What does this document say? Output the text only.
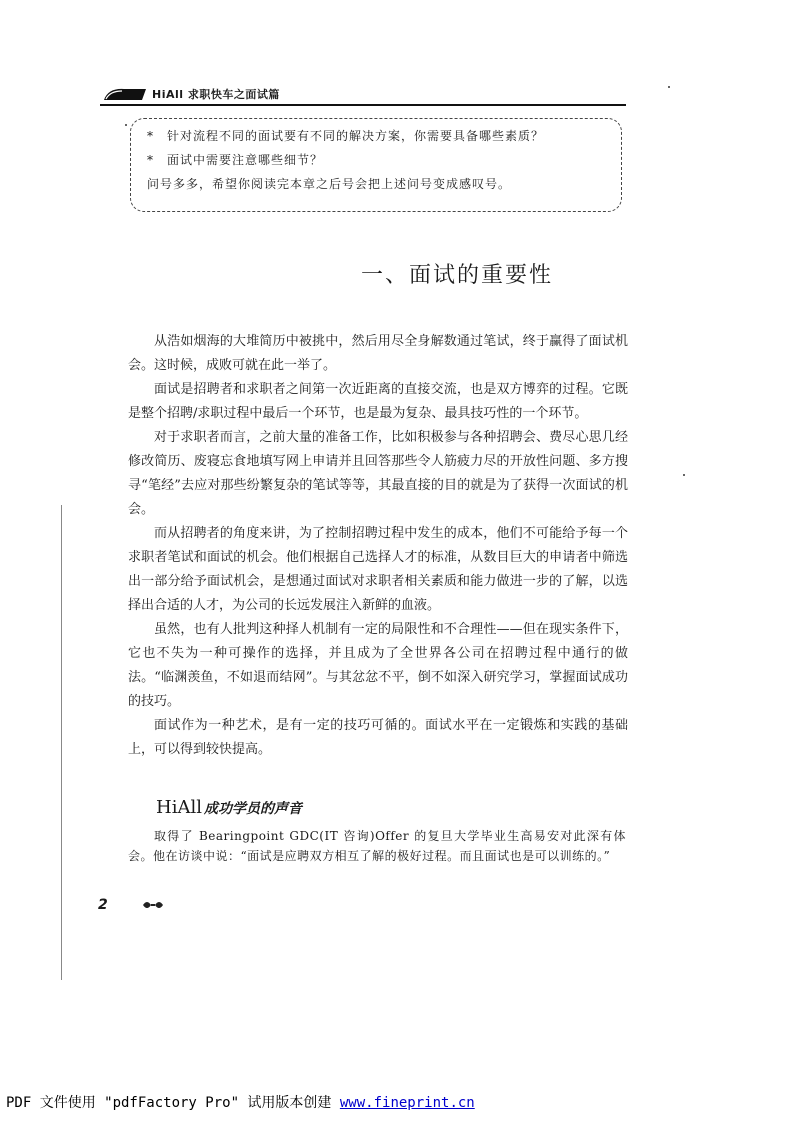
HiAll 求职快车之面试篇
* 针对流程不同的面试要有不同的解决方案，你需要具备哪些素质？
* 面试中需要注意哪些细节？
问号多多，希望你阅读完本章之后号会把上述问号变成感叹号。
一、面试的重要性

从浩如烟海的大堆简历中被挑中，然后用尽全身解数通过笔试，终于赢得了面试机会。这时候，成败可就在此一举了。

面试是招聘者和求职者之间第一次近距离的直接交流，也是双方博弈的过程。它既是整个招聘/求职过程中最后一个环节，也是最为复杂、最具技巧性的一个环节。

对于求职者而言，之前大量的准备工作，比如积极参与各种招聘会、费尽心思几经修改简历、废寝忘食地填写网上申请并且回答那些令人筋疲力尽的开放性问题、多方搜寻“笔经”去应对那些纷繁复杂的笔试等等，其最直接的目的就是为了获得一次面试的机会。

而从招聘者的角度来讲，为了控制招聘过程中发生的成本，他们不可能给予每一个求职者笔试和面试的机会。他们根据自己选择人才的标准，从数目巨大的申请者中筛选出一部分给予面试机会，是想通过面试对求职者相关素质和能力做进一步的了解，以选择出合适的人才，为公司的长远发展注入新鲜的血液。

虽然，也有人批判这种择人机制有一定的局限性和不合理性——但在现实条件下，它也不失为一种可操作的选择，并且成为了全世界各公司在招聘过程中通行的做法。“临渊羡鱼，不如退而结网”。与其忿忿不平，倒不如深入研究学习，掌握面试成功的技巧。

面试作为一种艺术，是有一定的技巧可循的。面试水平在一定锻炼和实践的基础上，可以得到较快提高。

HiAll 成功学员的声音

取得了 Bearingpoint GDC(IT 咨询)Offer 的复旦大学毕业生高易安对此深有体会。他在访谈中说：“面试是应聘双方相互了解的极好过程。而且面试也是可以训练的。”

2
PDF 文件使用 "pdfFactory Pro" 试用版本创建 www.fineprint.cn
